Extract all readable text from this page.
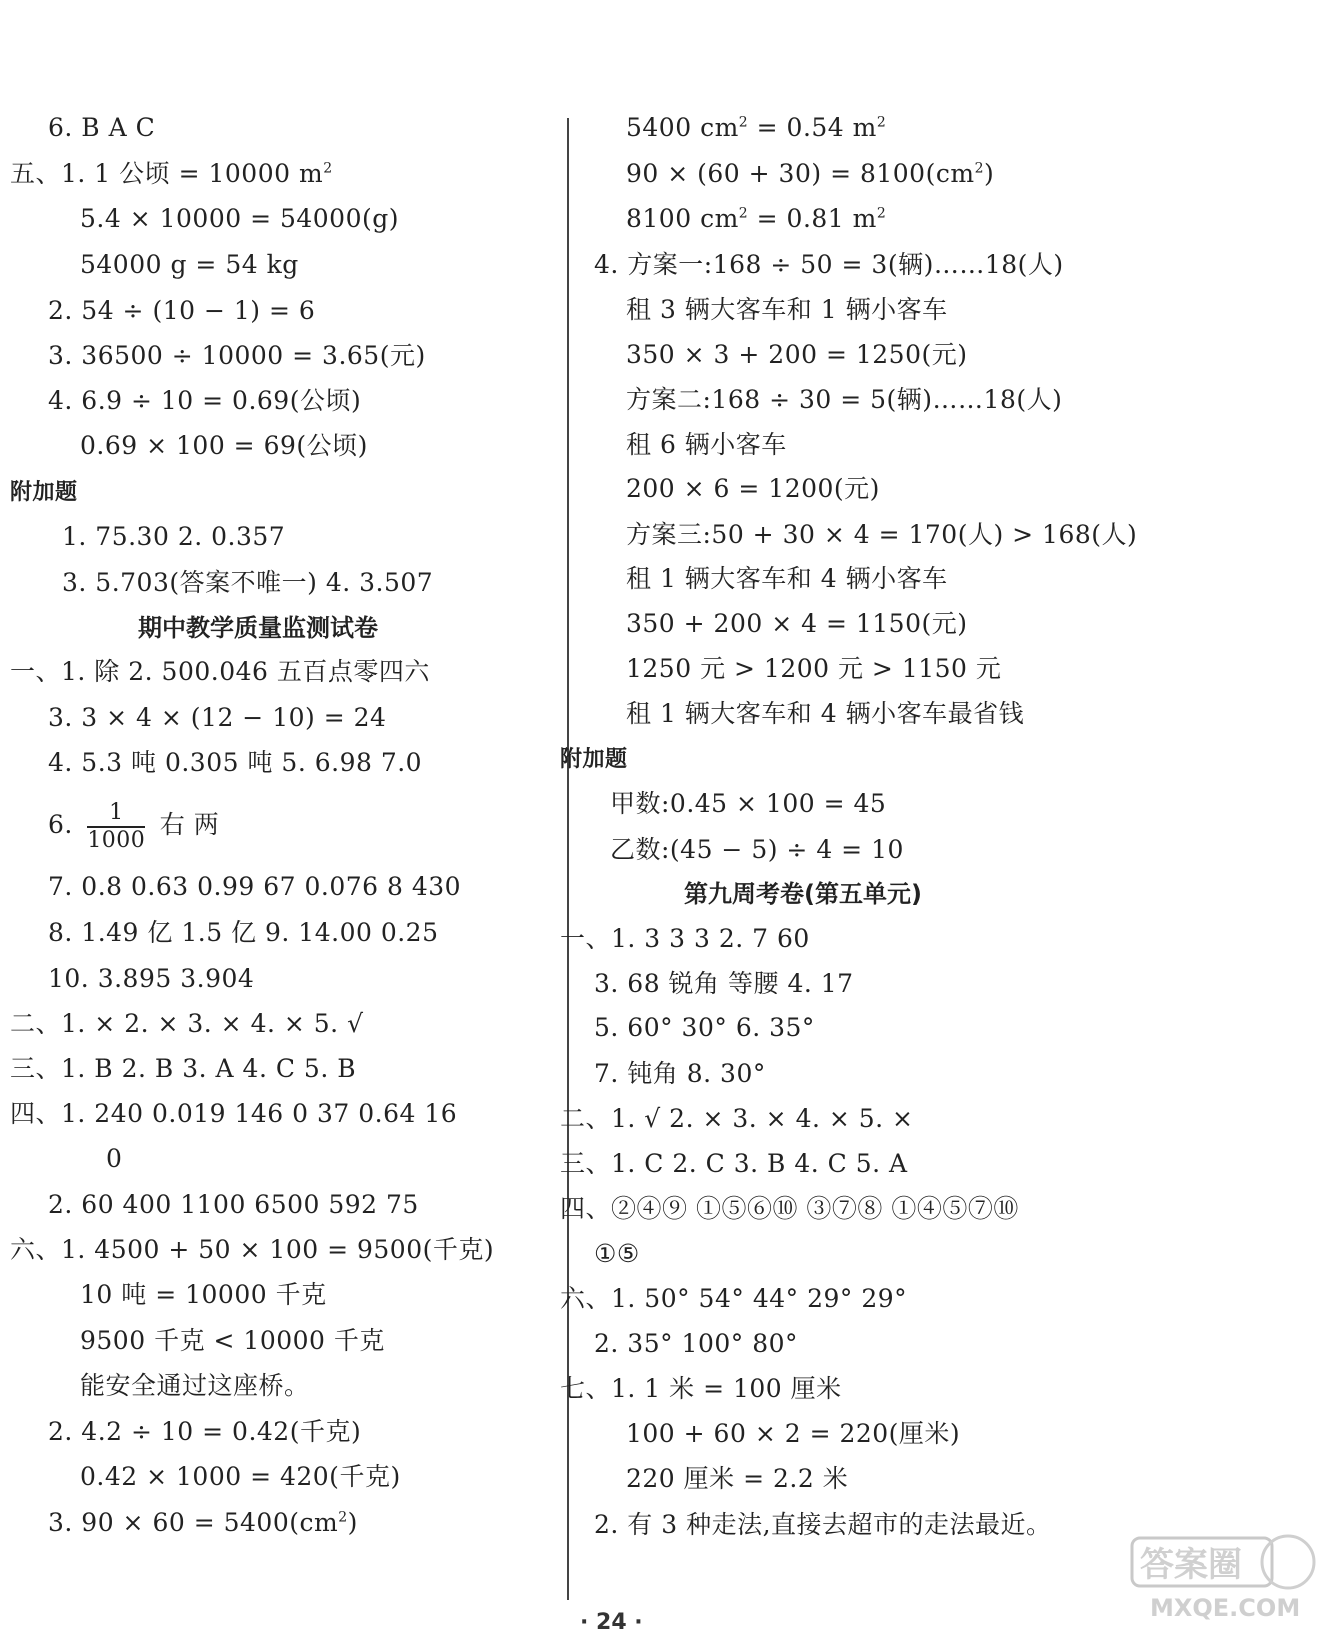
6. B A C
五、1. 1 公顷 = 10000 $m^2$
5.4 × 10000 = 54000(g)
54000 g = 54 kg
2. 54 ÷ (10 − 1) = 6
3. 36500 ÷ 10000 = 3.65(元)
4. 6.9 ÷ 10 = 0.69(公顷)
0.69 × 100 = 69(公顷)
附加题
1. 75.30 2. 0.357
3. 5.703(答案不唯一) 4. 3.507
期中教学质量监测试卷
一、1. 除 2. 500.046 五百点零四六
3. 3 × 4 × (12 − 10) = 24
4. 5.3 吨 0.305 吨 5. 6.98 7.0
6. $\frac{1}{1000}$ 右 两
7. 0.8 0.63 0.99 67 0.076 8 430
8. 1.49 亿 1.5 亿 9. 14.00 0.25
10. 3.895 3.904
二、1. × 2. × 3. × 4. × 5. √
三、1. B 2. B 3. A 4. C 5. B
四、1. 240 0.019 146 0 37 0.64 16
0
2. 60 400 1100 6500 592 75
六、1. 4500 + 50 × 100 = 9500(千克)
10 吨 = 10000 千克
9500 千克 < 10000 千克
能安全通过这座桥。
2. 4.2 ÷ 10 = 0.42(千克)
0.42 × 1000 = 420(千克)
3. $90 \times 60 = 5400(cm^2)$
5400 $cm^2 = 0.54$ $m^2$
$90 \times (60 + 30) = 8100(cm^2)$
8100 $cm^2 = 0.81$ $m^2$
4. 方案一:168 ÷ 50 = 3(辆)……18(人)
租 3 辆大客车和 1 辆小客车
350 × 3 + 200 = 1250(元)
方案二:168 ÷ 30 = 5(辆)……18(人)
租 6 辆小客车
200 × 6 = 1200(元)
方案三:50 + 30 × 4 = 170(人) > 168(人)
租 1 辆大客车和 4 辆小客车
350 + 200 × 4 = 1150(元)
1250 元 > 1200 元 > 1150 元
租 1 辆大客车和 4 辆小客车最省钱
附加题
甲数:0.45 × 100 = 45
乙数:(45 − 5) ÷ 4 = 10
第九周考卷(第五单元)
一、1. 3 3 3 2. 7 60
3. 68 锐角 等腰 4. 17
5. 60° 30° 6. 35°
7. 钝角 8. 30°
二、1. √ 2. × 3. × 4. × 5. ×
三、1. C 2. C 3. B 4. C 5. A
四、②④⑨ ①⑤⑥⑩ ③⑦⑧ ①④⑤⑦⑩
①⑤
六、1. 50° 54° 44° 29° 29°
2. 35° 100° 80°
七、1. 1 米 = 100 厘米
100 + 60 × 2 = 220(厘米)
220 厘米 = 2.2 米
2. 有 3 种走法,直接去超市的走法最近。
· 24 ·
答案圈
MXQE.COM
